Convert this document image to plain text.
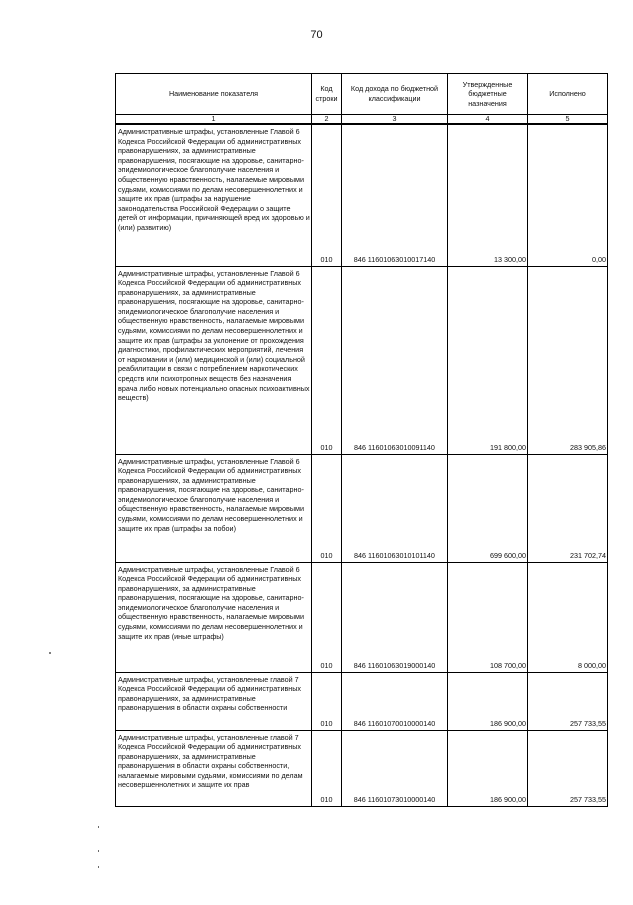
70
Наименование показателя	Код строки	Код дохода по бюджетной классификации	Утвержденные бюджетные назначения	Исполнено
1	2	3	4	5
Административные штрафы, установленные Главой 6 Кодекса Российской Федерации об административных правонарушениях, за административные правонарушения, посягающие на здоровье, санитарно-эпидемиологическое благополучие населения и общественную нравственность, налагаемые мировыми судьями, комиссиями по делам несовершеннолетних и защите их прав (штрафы за нарушение законодательства Российской Федерации о защите детей от информации, причиняющей вред их здоровью и (или) развитию)	010	846 11601063010017140	13 300,00	0,00
Административные штрафы, установленные Главой 6 Кодекса Российской Федерации об административных правонарушениях, за административные правонарушения, посягающие на здоровье, санитарно-эпидемиологическое благополучие населения и общественную нравственность, налагаемые мировыми судьями, комиссиями по делам несовершеннолетних и защите их прав (штрафы за уклонение от прохождения диагностики, профилактических мероприятий, лечения от наркомании и (или) медицинской и (или) социальной реабилитации в связи с потреблением наркотических средств или психотропных веществ без назначения врача либо новых потенциально опасных психоактивных веществ)	010	846 11601063010091140	191 800,00	283 905,86
Административные штрафы, установленные Главой 6 Кодекса Российской Федерации об административных правонарушениях, за административные правонарушения, посягающие на здоровье, санитарно-эпидемиологическое благополучие населения и общественную нравственность, налагаемые мировыми судьями, комиссиями по делам несовершеннолетних и защите их прав (штрафы за побои)	010	846 11601063010101140	699 600,00	231 702,74
Административные штрафы, установленные Главой 6 Кодекса Российской Федерации об административных правонарушениях, за административные правонарушения, посягающие на здоровье, санитарно-эпидемиологическое благополучие населения и общественную нравственность, налагаемые мировыми судьями, комиссиями по делам несовершеннолетних и защите их прав (иные штрафы)	010	846 11601063019000140	108 700,00	8 000,00
Административные штрафы, установленные главой 7 Кодекса Российской Федерации об административных правонарушениях, за административные правонарушения в области охраны собственности	010	846 11601070010000140	186 900,00	257 733,55
Административные штрафы, установленные главой 7 Кодекса Российской Федерации об административных правонарушениях, за административные правонарушения в области охраны собственности, налагаемые мировыми судьями, комиссиями по делам несовершеннолетних и защите их прав	010	846 11601073010000140	186 900,00	257 733,55
